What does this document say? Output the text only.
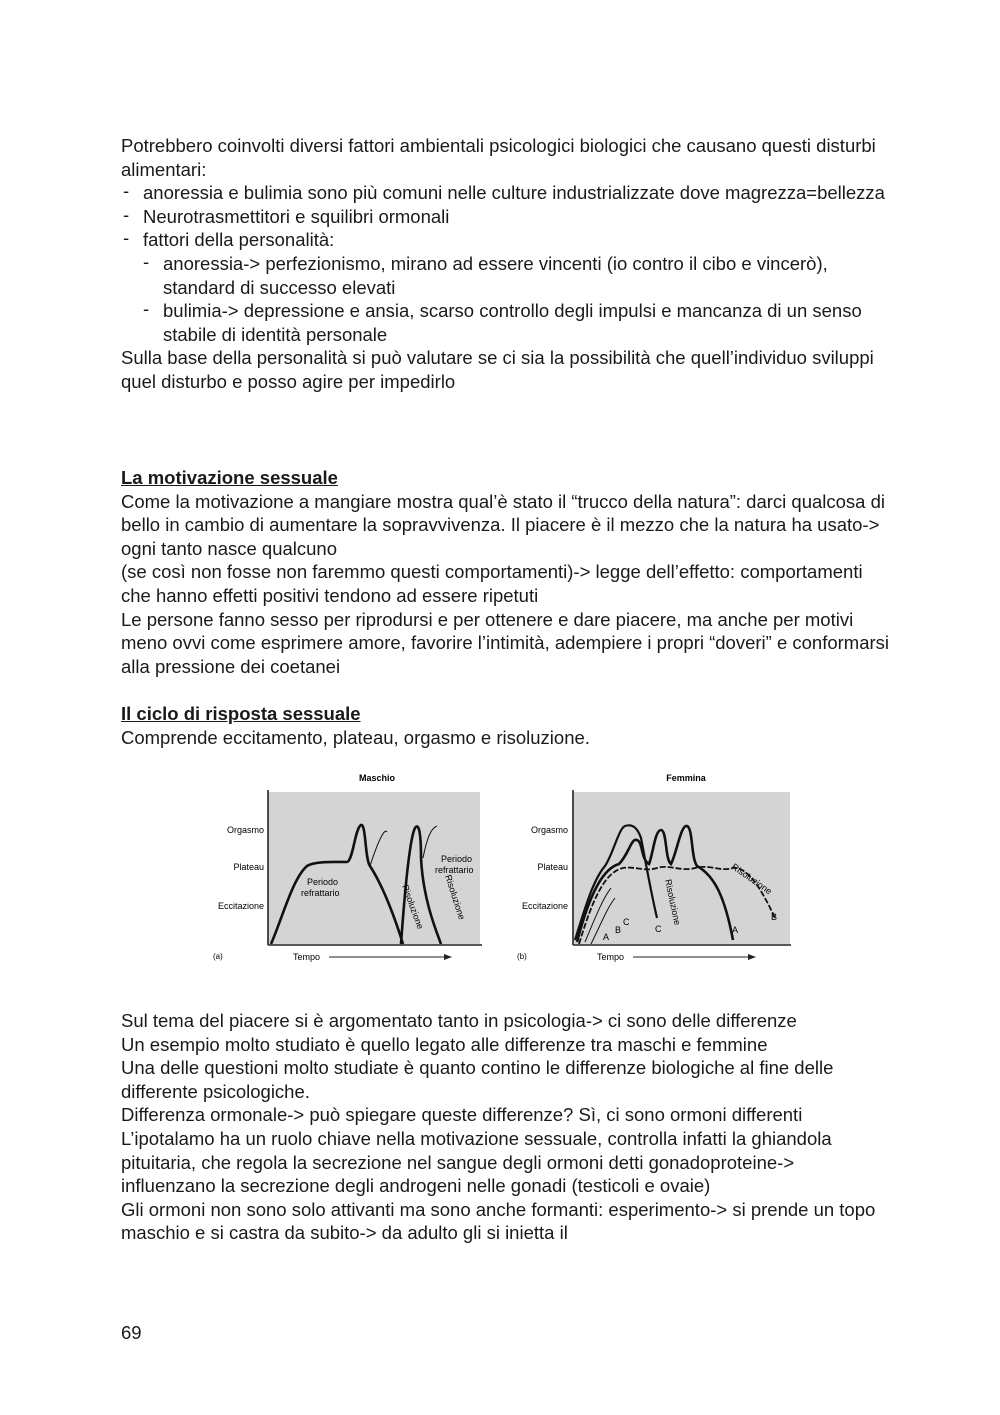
Potrebbero coinvolti diversi fattori ambientali psicologici biologici che causano questi disturbi alimentari:

- anoressia e bulimia sono più comuni nelle culture industrializzate dove magrezza=bellezza
- Neurotrasmettitori e squilibri ormonali
- fattori della personalità:
- anoressia-> perfezionismo, mirano ad essere vincenti (io contro il cibo e vincerò), standard di successo elevati
- bulimia-> depressione e ansia, scarso controllo degli impulsi e mancanza di un senso stabile di identità personale

Sulla base della personalità si può valutare se ci sia la possibilità che quell’individuo sviluppi quel disturbo e posso agire per impedirlo

La motivazione sessuale

Come la motivazione a mangiare mostra qual’è stato il “trucco della natura”: darci qualcosa di bello in cambio di aumentare la sopravvivenza. Il piacere è il mezzo che la natura ha usato-> ogni tanto nasce qualcuno

(se così non fosse non faremmo questi comportamenti)-> legge dell’effetto: comportamenti che hanno effetti positivi tendono ad essere ripetuti

Le persone fanno sesso per riprodursi e per ottenere e dare piacere, ma anche per motivi meno ovvi come esprimere amore, favorire l’intimità, adempiere i propri “doveri” e conformarsi alla pressione dei coetanei

Il ciclo di risposta sessuale

Comprende eccitamento, plateau, orgasmo e risoluzione.

Maschio
Orgasmo
Plateau
Eccitazione
(a)	Tempo
Periodo
refrattario
Periodo
refrattario
Risoluzione Risoluzione
Femmina
Orgasmo
Plateau
Eccitazione
(b)	Tempo
Risoluzione	Risoluzione
C
B
A
C
B
A

Sul tema del piacere si è argomentato tanto in psicologia-> ci sono delle differenze

Un esempio molto studiato è quello legato alle differenze tra maschi e femmine

Una delle questioni molto studiate è quanto contino le differenze biologiche al fine delle differente psicologiche.

Differenza ormonale-> può spiegare queste differenze? Sì, ci sono ormoni differenti

L’ipotalamo ha un ruolo chiave nella motivazione sessuale, controlla infatti la ghiandola pituitaria, che regola la secrezione nel sangue degli ormoni detti gonadoproteine-> influenzano la secrezione degli androgeni nelle gonadi (testicoli e ovaie)

Gli ormoni non sono solo attivanti ma sono anche formanti: esperimento-> si prende un topo maschio e si castra da subito-> da adulto gli si inietta il

69
